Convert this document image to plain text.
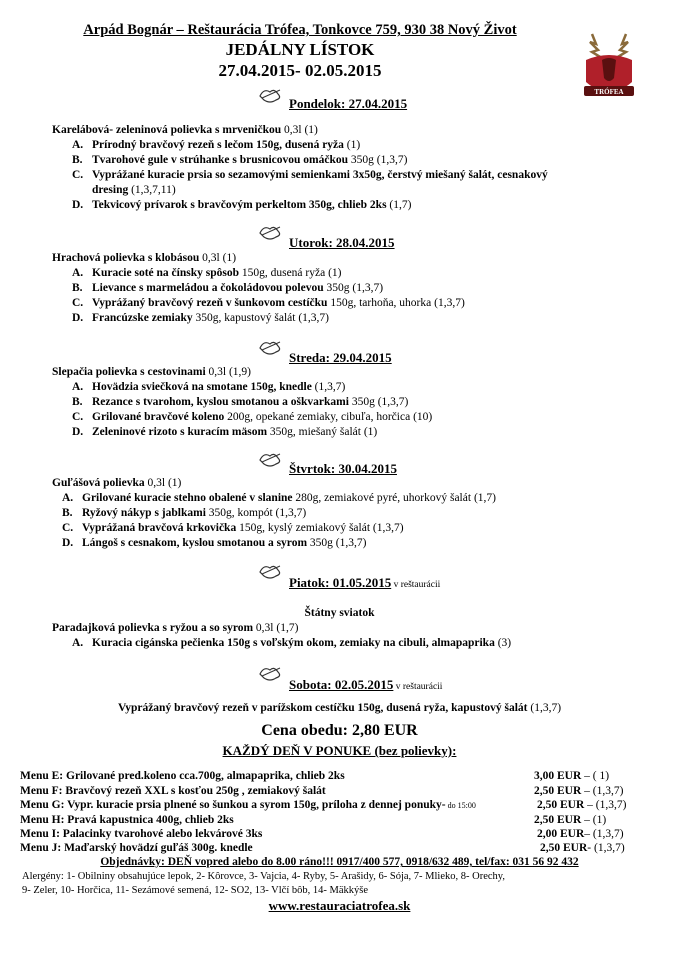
Arpád Bognár – Reštaurácia Trófea, Tonkovce 759, 930 38 Nový Život
JEDÁLNY LÍSTOK
27.04.2015- 02.05.2015
TRÓFEA
Pondelok: 27.04.2015
Karelábová- zeleninová polievka s mrveničkou 0,3l (1)
A. Prírodný bravčový rezeň s lečom 150g, dusená ryža (1)
B. Tvarohové gule v strúhanke s brusnicovou omáčkou 350g (1,3,7)
C. Vyprážané kuracie prsia so sezamovými semienkami 3x50g, čerstvý miešaný šalát, cesnakový
dresing (1,3,7,11)
D. Tekvicový prívarok s bravčovým perkeltom 350g, chlieb 2ks (1,7)
Utorok: 28.04.2015
Hrachová polievka s klobásou 0,3l (1)
A. Kuracie soté na čínsky spôsob 150g, dusená ryža (1)
B. Lievance s marmeládou a čokoládovou polevou 350g (1,3,7)
C. Vyprážaný bravčový rezeň v šunkovom cestíčku 150g, tarhoňa, uhorka (1,3,7)
D. Francúzske zemiaky 350g, kapustový šalát (1,3,7)
Streda: 29.04.2015
Slepačia polievka s cestovinami 0,3l (1,9)
A. Hovädzia sviečková na smotane 150g, knedle (1,3,7)
B. Rezance s tvarohom, kyslou smotanou a oškvarkami 350g (1,3,7)
C. Grilované bravčové koleno 200g, opekané zemiaky, cibuľa, horčica (10)
D. Zeleninové rizoto s kuracím mäsom 350g, miešaný šalát (1)
Štvrtok: 30.04.2015
Guľášová polievka 0,3l (1)
A. Grilované kuracie stehno obalené v slanine 280g, zemiakové pyré, uhorkový šalát (1,7)
B. Ryžový nákyp s jablkami 350g, kompót (1,3,7)
C. Vyprážaná bravčová krkovička 150g, kyslý zemiakový šalát (1,3,7)
D. Lángoš s cesnakom, kyslou smotanou a syrom 350g (1,3,7)
Piatok: 01.05.2015 v reštaurácii
Štátny sviatok
Paradajková polievka s ryžou a so syrom 0,3l (1,7)
A. Kuracia cigánska pečienka 150g s voľským okom, zemiaky na cibuli, almapaprika (3)
Sobota: 02.05.2015 v reštaurácii
Vyprážaný bravčový rezeň v parížskom cestíčku 150g, dusená ryža, kapustový šalát (1,3,7)
Cena obedu: 2,80 EUR
KAŽDÝ DEŇ V PONUKE (bez polievky):
Menu E: Grilované pred.koleno cca.700g, almapaprika, chlieb 2ks	3,00 EUR – ( 1)
Menu F: Bravčový rezeň XXL s kosťou 250g , zemiakový šalát	2,50 EUR – (1,3,7)
Menu G: Vypr. kuracie prsia plnené so šunkou a syrom 150g, príloha z dennej ponuky- do 15:00	2,50 EUR – (1,3,7)
Menu H: Pravá kapustnica 400g, chlieb 2ks	2,50 EUR – (1)
Menu I: Palacinky tvarohové alebo lekvárové 3ks	2,00 EUR– (1,3,7)
Menu J: Maďarský hovädzí guľáš 300g. knedle	2,50 EUR- (1,3,7)
Objednávky: DEŇ vopred alebo do 8.00 ráno!!! 0917/400 577, 0918/632 489, tel/fax: 031 56 92 432
Alergény: 1- Obilniny obsahujúce lepok, 2- Kôrovce, 3- Vajcia, 4- Ryby, 5- Arašidy, 6- Sója, 7- Mlieko, 8- Orechy,
9- Zeler, 10- Horčica, 11- Sezámové semená, 12- SO2, 13- Vlčí bôb, 14- Mäkkýše
www.restauraciatrofea.sk
